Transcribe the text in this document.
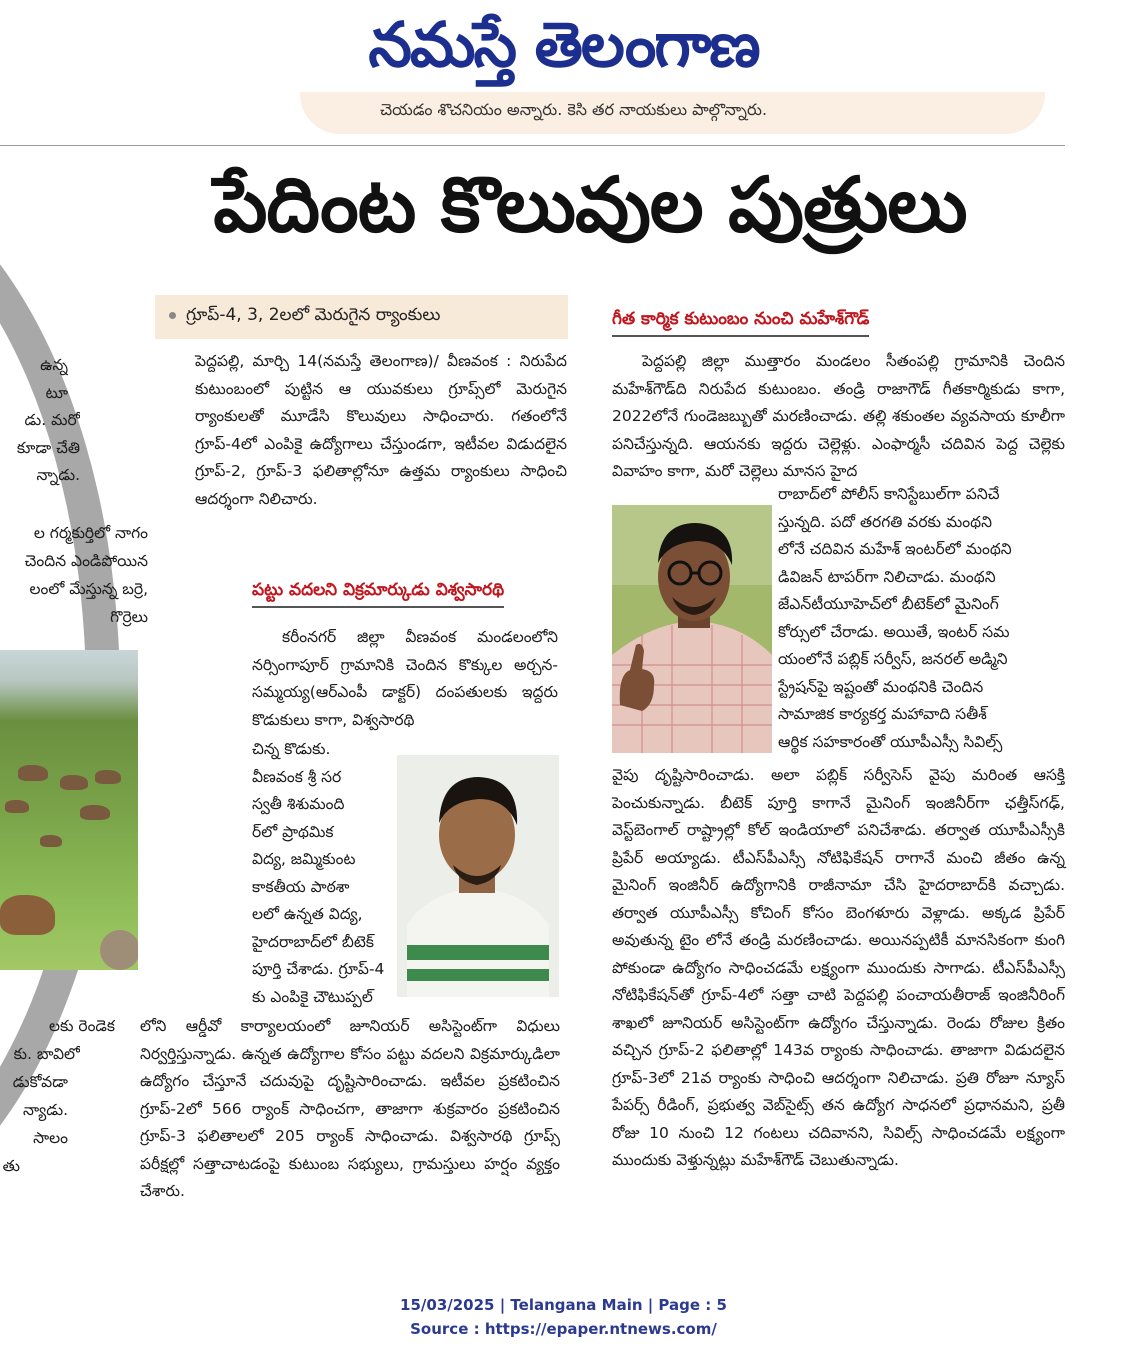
నమస్తే తెలంగాణ
చెయడం శొచనియం అన్నారు. కెసి తర నాయకులు పాల్గొన్నారు.
ఉన్న
టూ
డు. మరో
కూడా చేతి
న్నాడు.
ల గర్మకుర్తిలో నాగం
చెందిన ఎండిపోయిన
లంలో మేస్తున్న బర్రె,
గొర్రెలు
లకు రెండెక
కు. బావిలో
డుకోవడా
న్యాడు.
సాలం
తు
పేదింట కొలువుల పుత్రులు
గ్రూప్‌-4, 3, 2లలో మెరుగైన ర్యాంకులు

పెద్దపల్లి, మార్చి 14(నమస్తే తెలంగాణ)/ వీణవంక : నిరుపేద కుటుంబంలో పుట్టిన ఆ యువకులు గ్రూప్స్‌లో మెరుగైన ర్యాంకులతో మూడేసి కొలువులు సాధించారు. గతంలోనే గ్రూప్‌-4లో ఎంపికై ఉద్యోగాలు చేస్తుండగా, ఇటీవల విడుదలైన గ్రూప్‌-2, గ్రూప్‌-3 ఫలితాల్లోనూ ఉత్తమ ర్యాంకులు సాధించి ఆదర్శంగా నిలిచారు.

పట్టు వదలని విక్రమార్కుడు విశ్వసారథి

కరీంనగర్‌ జిల్లా వీణవంక మండలంలోని నర్సింగాపూర్‌ గ్రామానికి చెందిన కొక్కుల అర్చన-సమ్మయ్య(ఆర్‌ఎంపీ డాక్టర్‌) దంపతులకు ఇద్దరు కొడుకులు కాగా, విశ్వసారథి

చిన్న కొడుకు.
వీణవంక శ్రీ సర
స్వతీ శిశుమంది
ర్‌లో ప్రాథమిక
విద్య, జమ్మికుంట
కాకతీయ పాఠశా
లలో ఉన్నత విద్య,
హైదరాబాద్‌లో బీటెక్‌
పూర్తి చేశాడు. గ్రూప్‌-4
కు ఎంపికై చౌటుప్పల్‌

లోని ఆర్డీవో కార్యాలయంలో జూనియర్‌ అసిస్టెంట్‌గా విధులు నిర్వర్తిస్తున్నాడు. ఉన్నత ఉద్యోగాల కోసం పట్టు వదలని విక్రమార్కుడిలా ఉద్యోగం చేస్తూనే చదువుపై దృష్టిసారించాడు. ఇటీవల ప్రకటించిన గ్రూప్‌-2లో 566 ర్యాంక్‌ సాధించగా, తాజాగా శుక్రవారం ప్రకటించిన గ్రూప్‌-3 ఫలితాలలో 205 ర్యాంక్‌ సాధించాడు. విశ్వసారథి గ్రూప్స్‌ పరీక్షల్లో సత్తాచాటడంపై కుటుంబ సభ్యులు, గ్రామస్తులు హర్షం వ్యక్తం చేశారు.

గీత కార్మిక కుటుంబం నుంచి మహేశ్‌గౌడ్‌

పెద్దపల్లి జిల్లా ముత్తారం మండలం సీతంపల్లి గ్రామానికి చెందిన మహేశ్‌గౌడ్‌ది నిరుపేద కుటుంబం. తండ్రి రాజాగౌడ్‌ గీతకార్మికుడు కాగా, 2022లోనే గుండెజబ్బుతో మరణించాడు. తల్లి శకుంతల వ్యవసాయ కూలీగా పనిచేస్తున్నది. ఆయనకు ఇద్దరు చెల్లెళ్లు. ఎంఫార్మసీ చదివిన పెద్ద చెల్లెకు వివాహం కాగా, మరో చెల్లెలు మానస హైద

రాబాద్‌లో పోలీస్‌ కానిస్టేబుల్‌గా పనిచే
స్తున్నది. పదో తరగతి వరకు మంథని
లోనే చదివిన మహేశ్‌ ఇంటర్‌లో మంథని
డివిజన్‌ టాపర్‌గా నిలిచాడు. మంథని
జేఎన్‌టీయూహెచ్‌లో బీటెక్‌లో మైనింగ్‌
కోర్సులో చేరాడు. అయితే, ఇంటర్‌ సమ
యంలోనే పబ్లిక్‌ సర్వీస్‌, జనరల్‌ అడ్మిని
స్ట్రేషన్‌పై ఇష్టంతో మంథనికి చెందిన
సామాజిక కార్యకర్త మహావాది సతీశ్‌
ఆర్థిక సహకారంతో యూపీఎస్సీ సివిల్స్‌

వైపు దృష్టిసారించాడు. అలా పబ్లిక్‌ సర్వీసెస్‌ వైపు మరింత ఆసక్తి పెంచుకున్నాడు. బీటెక్‌ పూర్తి కాగానే మైనింగ్‌ ఇంజినీర్‌గా ఛత్తీస్‌గఢ్‌, వెస్ట్‌బెంగాల్‌ రాష్ట్రాల్లో కోల్‌ ఇండియాలో పనిచేశాడు. తర్వాత యూపీఎస్సీకి ప్రిపేర్‌ అయ్యాడు. టీఎస్‌పీఎస్సీ నోటిఫికేషన్‌ రాగానే మంచి జీతం ఉన్న మైనింగ్‌ ఇంజినీర్‌ ఉద్యోగానికి రాజీనామా చేసి హైదరాబాద్‌కి వచ్చాడు. తర్వాత యూపీఎస్సీ కోచింగ్‌ కోసం బెంగళూరు వెళ్లాడు. అక్కడ ప్రిపేర్‌ అవుతున్న టైం లోనే తండ్రి మరణించాడు. అయినప్పటికీ మానసికంగా కుంగి పోకుండా ఉద్యోగం సాధించడమే లక్ష్యంగా ముందుకు సాగాడు. టీఎస్‌పీఎస్సీ నోటిఫికేషన్‌తో గ్రూప్‌-4లో సత్తా చాటి పెద్దపల్లి పంచాయతీరాజ్‌ ఇంజినీరింగ్‌ శాఖలో జూనియర్‌ అసిస్టెంట్‌గా ఉద్యోగం చేస్తున్నాడు. రెండు రోజుల క్రితం వచ్చిన గ్రూప్‌-2 ఫలితాల్లో 143వ ర్యాంకు సాధించాడు. తాజాగా విడుదలైన గ్రూప్‌-3లో 21వ ర్యాంకు సాధించి ఆదర్శంగా నిలిచాడు. ప్రతి రోజూ న్యూస్‌ పేపర్స్‌ రీడింగ్‌, ప్రభుత్వ వెబ్‌సైట్స్‌ తన ఉద్యోగ సాధనలో ప్రధానమని, ప్రతీ రోజు 10 నుంచి 12 గంటలు చదివానని, సివిల్స్‌ సాధించడమే లక్ష్యంగా ముందుకు వెళ్తున్నట్లు మహేశ్‌గౌడ్‌ చెబుతున్నాడు.

15/03/2025 | Telangana Main | Page : 5
Source : https://epaper.ntnews.com/
